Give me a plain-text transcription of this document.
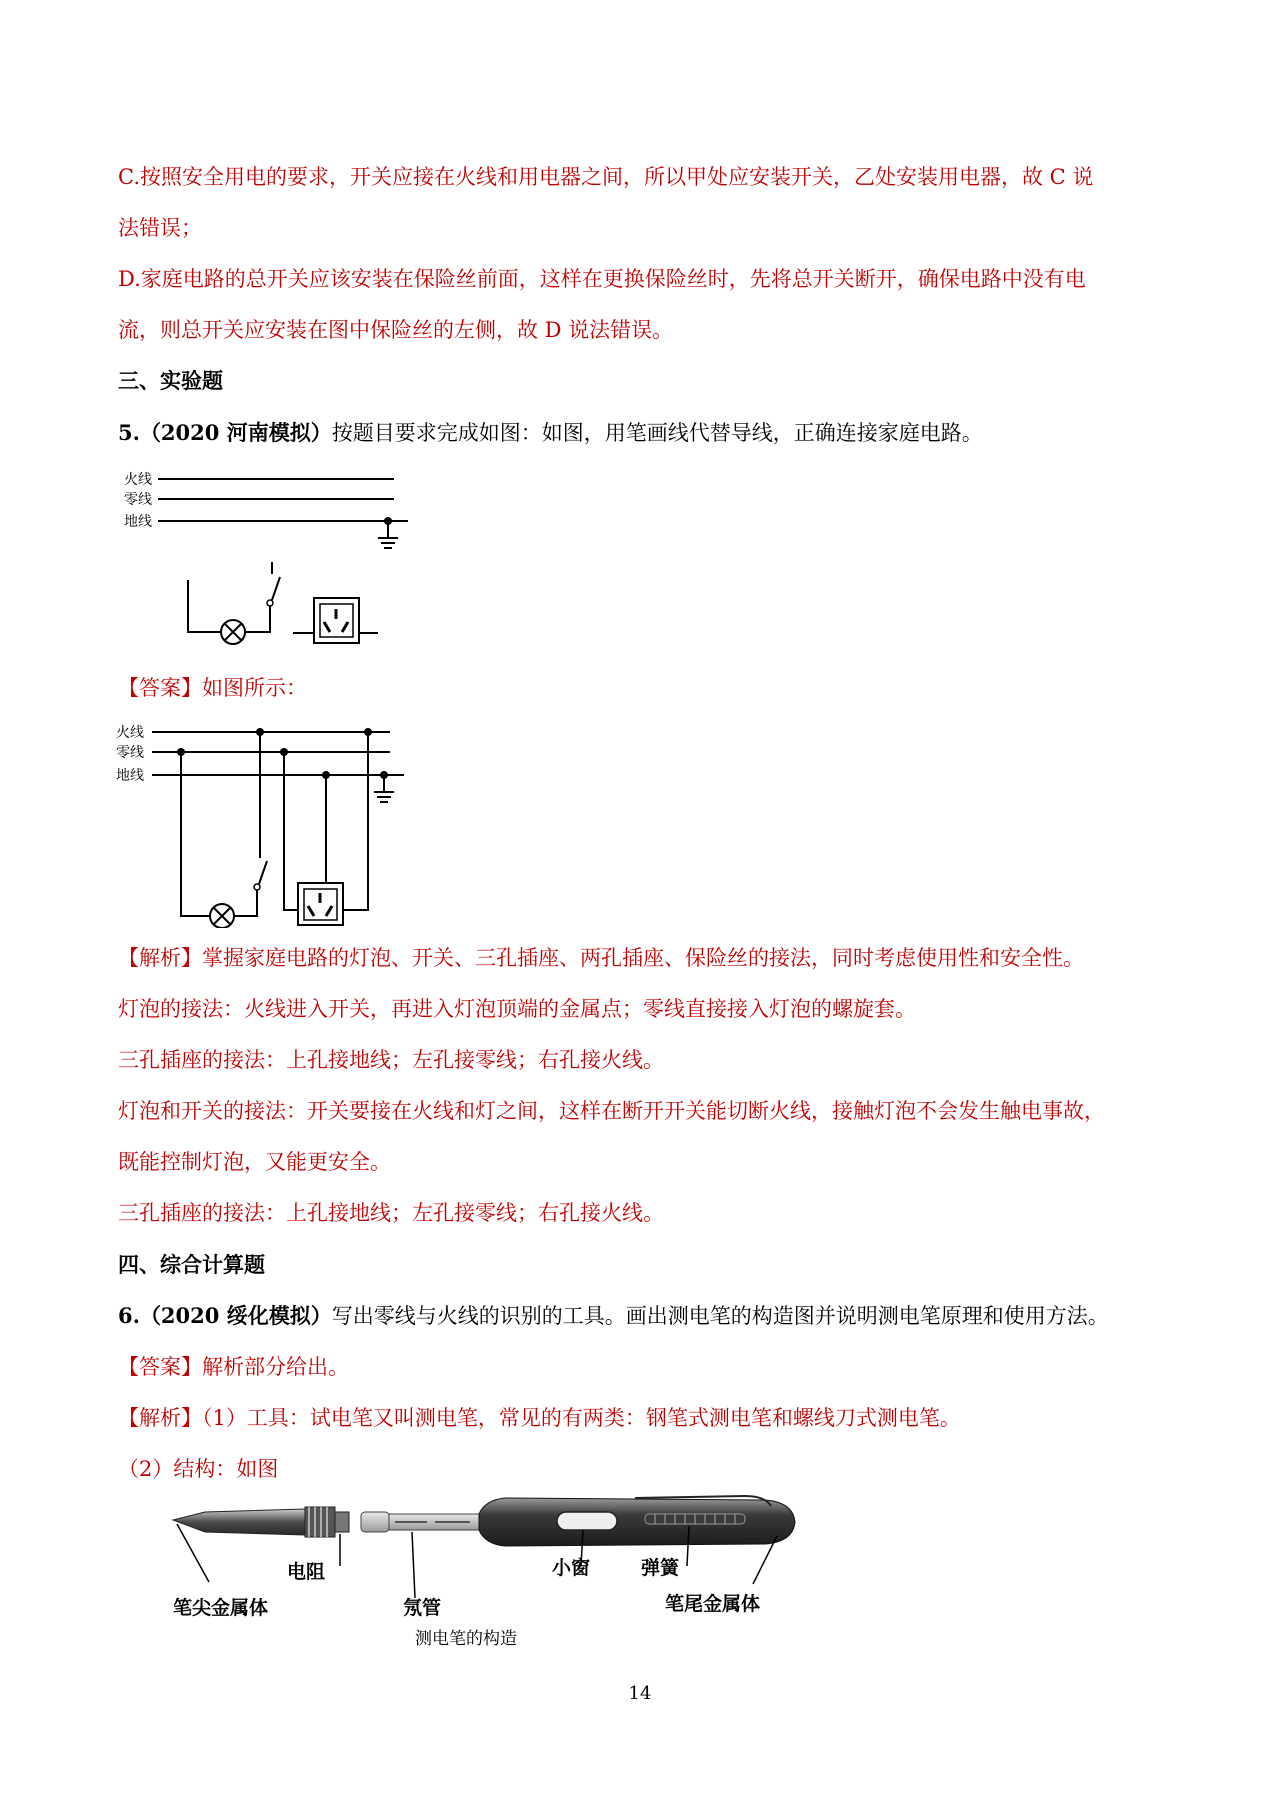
C.按照安全用电的要求，开关应接在火线和用电器之间，所以甲处应安装开关，乙处安装用电器，故 C 说
法错误；
D.家庭电路的总开关应该安装在保险丝前面，这样在更换保险丝时，先将总开关断开，确保电路中没有电
流，则总开关应安装在图中保险丝的左侧，故 D 说法错误。
三、实验题
5.（2020 河南模拟）按题目要求完成如图：如图，用笔画线代替导线，正确连接家庭电路。
火线
零线
地线
【答案】如图所示：
火线
零线
地线
【解析】掌握家庭电路的灯泡、开关、三孔插座、两孔插座、保险丝的接法，同时考虑使用性和安全性。
灯泡的接法：火线进入开关，再进入灯泡顶端的金属点；零线直接接入灯泡的螺旋套。
三孔插座的接法：上孔接地线；左孔接零线；右孔接火线。
灯泡和开关的接法：开关要接在火线和灯之间，这样在断开开关能切断火线，接触灯泡不会发生触电事故，
既能控制灯泡，又能更安全。
三孔插座的接法：上孔接地线；左孔接零线；右孔接火线。
四、综合计算题
6.（2020 绥化模拟）写出零线与火线的识别的工具。画出测电笔的构造图并说明测电笔原理和使用方法。
【答案】解析部分给出。
【解析】（1）工具：试电笔又叫测电笔，常见的有两类：钢笔式测电笔和螺线刀式测电笔。
（2）结构：如图
电阻
笔尖金属体	氖管
小窗	弹簧
笔尾金属体
测电笔的构造
14
